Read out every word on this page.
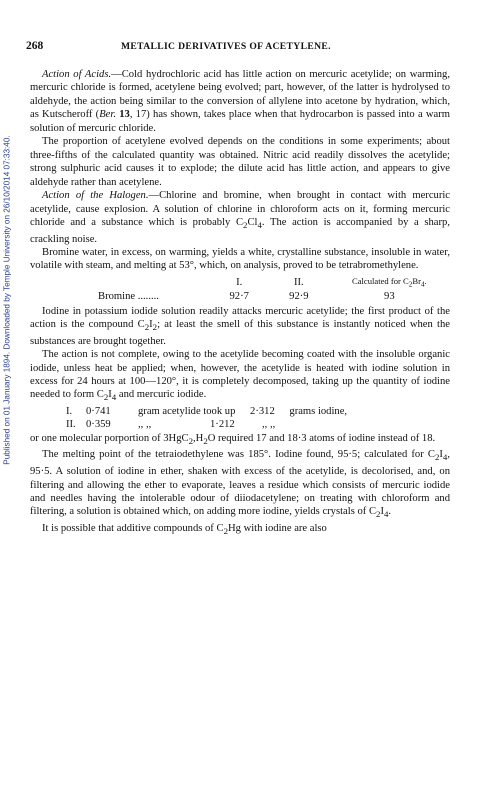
Published on 01 January 1894. Downloaded by Temple University on 26/10/2014 07:33:40.
268	METALLIC DERIVATIVES OF ACETYLENE.

Action of Acids.—Cold hydrochloric acid has little action on mercuric acetylide; on warming, mercuric chloride is formed, acetylene being evolved; part, however, of the latter is hydrolysed to aldehyde, the action being similar to the conversion of allylene into acetone by hydration, which, as Kutscheroff (Ber. 13, 17) has shown, takes place when that hydrocarbon is passed into a warm solution of mercuric chloride.

The proportion of acetylene evolved depends on the conditions in some experiments; about three-fifths of the calculated quantity was obtained. Nitric acid readily dissolves the acetylide; strong sulphuric acid causes it to explode; the dilute acid has little action, and appears to give aldehyde rather than acetylene.

Action of the Halogen.—Chlorine and bromine, when brought in contact with mercuric acetylide, cause explosion. A solution of chlorine in chloroform acts on it, forming mercuric chloride and a substance which is probably $C_2Cl_4$. The action is accompanied by a sharp, crackling noise.

Bromine water, in excess, on warming, yields a white, crystalline substance, insoluble in water, volatile with steam, and melting at 53°, which, on analysis, proved to be tetrabromethylene.

	I.	II.	Calculated for $C_2Br_4$.
Bromine ........	92·7	92·9	93

Iodine in potassium iodide solution readily attacks mercuric acetylide; the first product of the action is the compound $C_2I_2$; at least the smell of this substance is instantly noticed when the substances are brought together.

The action is not complete, owing to the acetylide becoming coated with the insoluble organic iodide, unless heat be applied; when, however, the acetylide is heated with iodine solution in excess for 24 hours at 100—120°, it is completely decomposed, taking up the quantity of iodine needed to form $C_2I_4$ and mercuric iodide.

I. 0·741	gram acetylide took up 2·312 grams iodine,

II. 0·359	,, ,,	1·212	,, ,,

or one molecular porportion of $3HgC_2,H_2O$ required 17 and 18·3 atoms of iodine instead of 18.

The melting point of the tetraiodethylene was 185°. Iodine found, 95·5; calculated for $C_2I_4$, 95·5. A solution of iodine in ether, shaken with excess of the acetylide, is decolorised, and, on filtering and allowing the ether to evaporate, leaves a residue which consists of mercuric iodide and needles having the intolerable odour of diiodacetylene; on treating with chloroform and filtering, a solution is obtained which, on adding more iodine, yields crystals of $C_2I_4$.

It is possible that additive compounds of $C_2Hg$ with iodine are also
